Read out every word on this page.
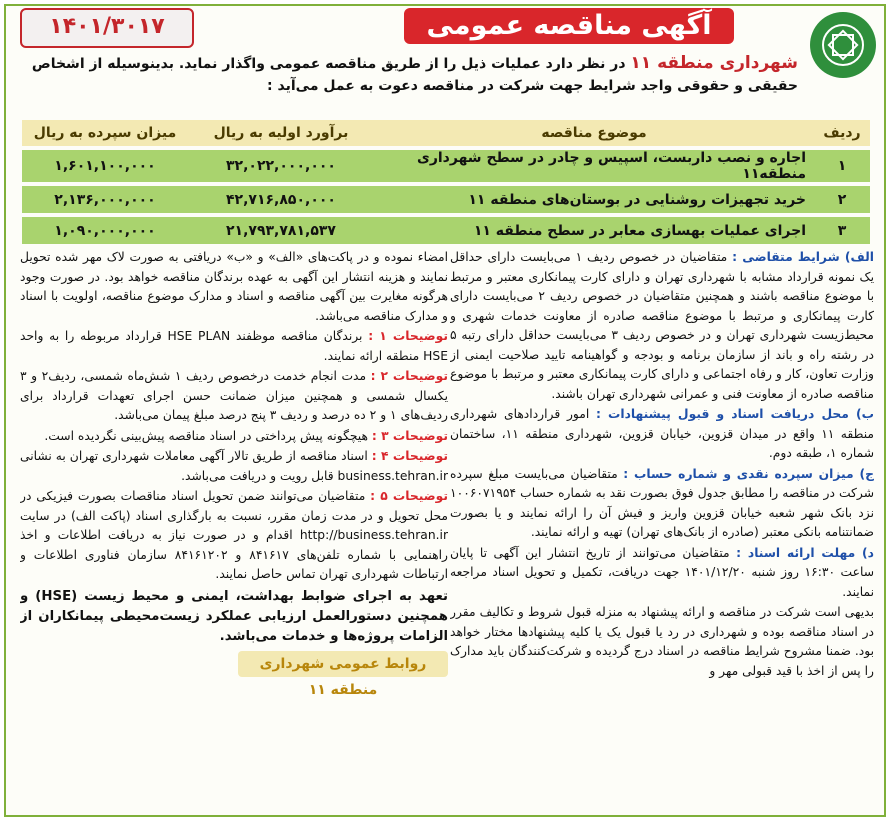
۱۴۰۱/۳۰۱۷	آگهی مناقصه عمومی
شهرداری منطقه ۱۱ در نظر دارد عملیات ذیل را از طریق مناقصه عمومی واگذار نماید. بدینوسیله از اشخاص حقیقی و حقوقی واجد شرایط جهت شرکت در مناقصه دعوت به عمل می‌آید :
ردیف	موضوع مناقصه	برآورد اولیه به ریال	میزان سپرده به ریال
۱	اجاره و نصب داربست، اسپیس و چادر در سطح شهرداری منطقه۱۱	۳۲,۰۲۲,۰۰۰,۰۰۰	۱,۶۰۱,۱۰۰,۰۰۰
۲	خرید تجهیزات روشنایی در بوستان‌های منطقه ۱۱	۴۲,۷۱۶,۸۵۰,۰۰۰	۲,۱۳۶,۰۰۰,۰۰۰
۳	اجرای عملیات بهسازی معابر در سطح منطقه ۱۱	۲۱,۷۹۳,۷۸۱,۵۳۷	۱,۰۹۰,۰۰۰,۰۰۰

الف) شرایط متقاضی : متقاضیان در خصوص ردیف ۱ می‌بایست دارای حداقل یک نمونه قرارداد مشابه با شهرداری تهران و دارای کارت پیمانکاری معتبر و مرتبط با موضوع مناقصه باشند و همچنین متقاضیان در خصوص ردیف ۲ می‌بایست دارای کارت پیمانکاری و مرتبط با موضوع مناقصه صادره از معاونت خدمات شهری و محیط‌زیست شهرداری تهران و در خصوص ردیف ۳ می‌بایست حداقل دارای رتبه ۵ در رشته راه و باند از سازمان برنامه و بودجه و گواهینامه تایید صلاحیت ایمنی از وزارت تعاون، کار و رفاه اجتماعی و دارای کارت پیمانکاری معتبر و مرتبط با موضوع مناقصه صادره از معاونت فنی و عمرانی شهرداری تهران باشند.

ب) محل دریافت اسناد و قبول پیشنهادات : امور قراردادهای شهرداری منطقه ۱۱ واقع در میدان قزوین، خیابان قزوین، شهرداری منطقه ۱۱، ساختمان شماره ۱، طبقه دوم.

ج) میزان سپرده نقدی و شماره حساب : متقاضیان می‌بایست مبلغ سپرده شرکت در مناقصه را مطابق جدول فوق بصورت نقد به شماره حساب ۱۰۰۶۰۷۱۹۵۴ نزد بانک شهر شعبه خیابان قزوین واریز و فیش آن را ارائه نمایند و یا بصورت ضمانتنامه بانکی معتبر (صادره از بانک‌های تهران) تهیه و ارائه نمایند.

د) مهلت ارائه اسناد : متقاضیان می‌توانند از تاریخ انتشار این آگهی تا پایان ساعت ۱۶:۳۰ روز شنبه ۱۴۰۱/۱۲/۲۰ جهت دریافت، تکمیل و تحویل اسناد مراجعه نمایند.

بدیهی است شرکت در مناقصه و ارائه پیشنهاد به منزله قبول شروط و تکالیف مقرر در اسناد مناقصه بوده و شهرداری در رد یا قبول یک یا کلیه پیشنهادها مختار خواهد بود. ضمنا مشروح شرایط مناقصه در اسناد درج گردیده و شرکت‌کنندگان باید مدارک را پس از اخذ با قید قبولی مهر و

امضاء نموده و در پاکت‌های «الف» و «ب» دریافتی به صورت لاک مهر شده تحویل نمایند و هزینه انتشار این آگهی به عهده برندگان مناقصه خواهد بود. در صورت وجود هرگونه مغایرت بین آگهی مناقصه و اسناد و مدارک موضوع مناقصه، اولویت با اسناد و مدارک مناقصه می‌باشد.

توضیحات ۱ : برندگان مناقصه موظفند HSE PLAN قرارداد مربوطه را به واحد HSE منطقه ارائه نمایند.

توضیحات ۲ : مدت انجام خدمت درخصوص ردیف ۱ شش‌ماه شمسی، ردیف۲ و ۳ یکسال شمسی و همچنین میزان ضمانت حسن اجرای تعهدات قرارداد برای ردیف‌های ۱ و ۲ ده درصد و ردیف ۳ پنج درصد مبلغ پیمان می‌باشد.

توضیحات ۳ : هیچگونه پیش پرداختی در اسناد مناقصه پیش‌بینی نگردیده است.

توضیحات ۴ : اسناد مناقصه از طریق تالار آگهی معاملات شهرداری تهران به نشانی business.tehran.ir قابل رویت و دریافت می‌باشد.

توضیحات ۵ : متقاضیان می‌توانند ضمن تحویل اسناد مناقصات بصورت فیزیکی در محل تحویل و در مدت زمان مقرر، نسبت به بارگذاری اسناد (پاکت الف) در سایت http://business.tehran.ir اقدام و در صورت نیاز به دریافت اطلاعات و اخذ راهنمایی با شماره تلفن‌های ۸۴۱۶۱۷ و ۸۴۱۶۱۲۰۲ سازمان فناوری اطلاعات و ارتباطات شهرداری تهران تماس حاصل نمایند.

تعهد به اجرای ضوابط بهداشت، ایمنی و محیط زیست (HSE) و همچنین دستورالعمل ارزیابی عملکرد زیست‌محیطی پیمانکاران از الزامات پروژه‌ها و خدمات می‌باشد.

روابط عمومی شهرداری منطقه ۱۱
